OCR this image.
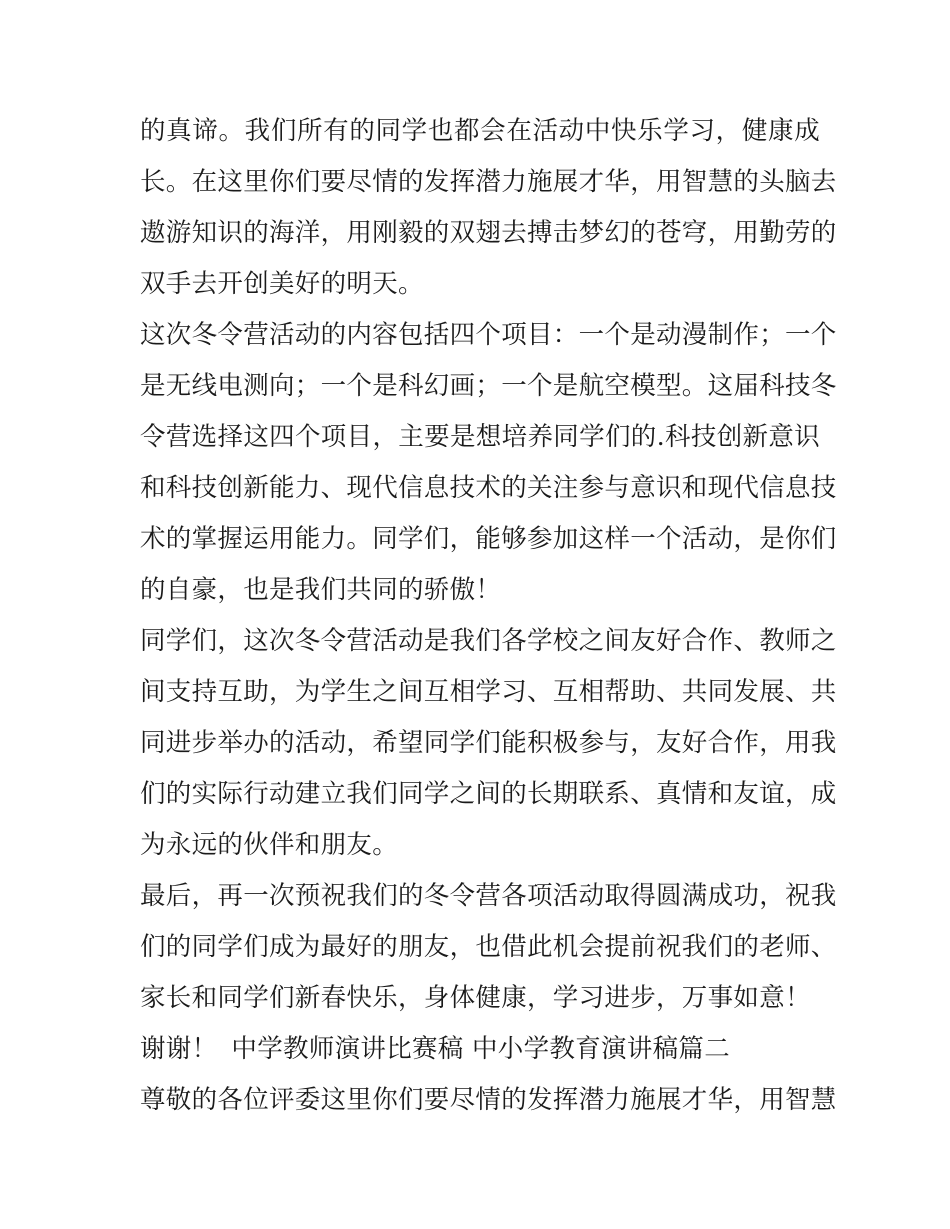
的真谛。我们所有的同学也都会在活动中快乐学习，健康成
长。在这里你们要尽情的发挥潜力施展才华，用智慧的头脑去
遨游知识的海洋，用刚毅的双翅去搏击梦幻的苍穹，用勤劳的
双手去开创美好的明天。
这次冬令营活动的内容包括四个项目：一个是动漫制作；一个
是无线电测向；一个是科幻画；一个是航空模型。这届科技冬
令营选择这四个项目，主要是想培养同学们的.科技创新意识
和科技创新能力、现代信息技术的关注参与意识和现代信息技
术的掌握运用能力。同学们，能够参加这样一个活动，是你们
的自豪，也是我们共同的骄傲！
同学们，这次冬令营活动是我们各学校之间友好合作、教师之
间支持互助，为学生之间互相学习、互相帮助、共同发展、共
同进步举办的活动，希望同学们能积极参与，友好合作，用我
们的实际行动建立我们同学之间的长期联系、真情和友谊，成
为永远的伙伴和朋友。
最后，再一次预祝我们的冬令营各项活动取得圆满成功，祝我
们的同学们成为最好的朋友，也借此机会提前祝我们的老师、
家长和同学们新春快乐，身体健康，学习进步，万事如意！
谢谢！ 中学教师演讲比赛稿 中小学教育演讲稿篇二
尊敬的各位评委这里你们要尽情的发挥潜力施展才华，用智慧
